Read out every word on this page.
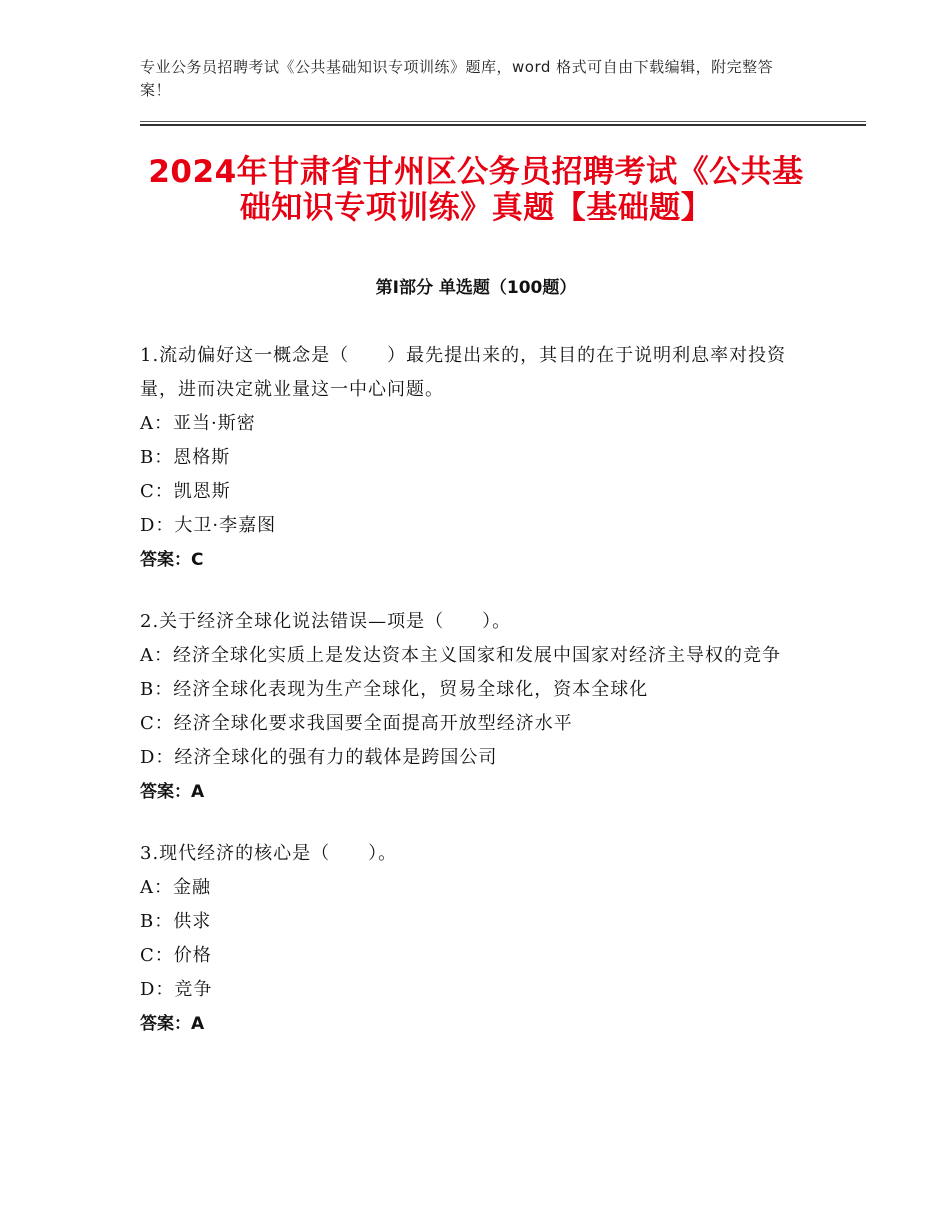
专业公务员招聘考试《公共基础知识专项训练》题库，word 格式可自由下载编辑，附完整答案！
2024年甘肃省甘州区公务员招聘考试《公共基础知识专项训练》真题【基础题】
第Ⅰ部分 单选题（100题）
1.流动偏好这一概念是（　　）最先提出来的，其目的在于说明利息率对投资量，进而决定就业量这一中心问题。
A：亚当·斯密
B：恩格斯
C：凯恩斯
D：大卫·李嘉图
答案：C
2.关于经济全球化说法错误—项是（　　）。
A：经济全球化实质上是发达资本主义国家和发展中国家对经济主导权的竞争
B：经济全球化表现为生产全球化，贸易全球化，资本全球化
C：经济全球化要求我国要全面提高开放型经济水平
D：经济全球化的强有力的载体是跨国公司
答案：A
3.现代经济的核心是（　　）。
A：金融
B：供求
C：价格
D：竞争
答案：A
